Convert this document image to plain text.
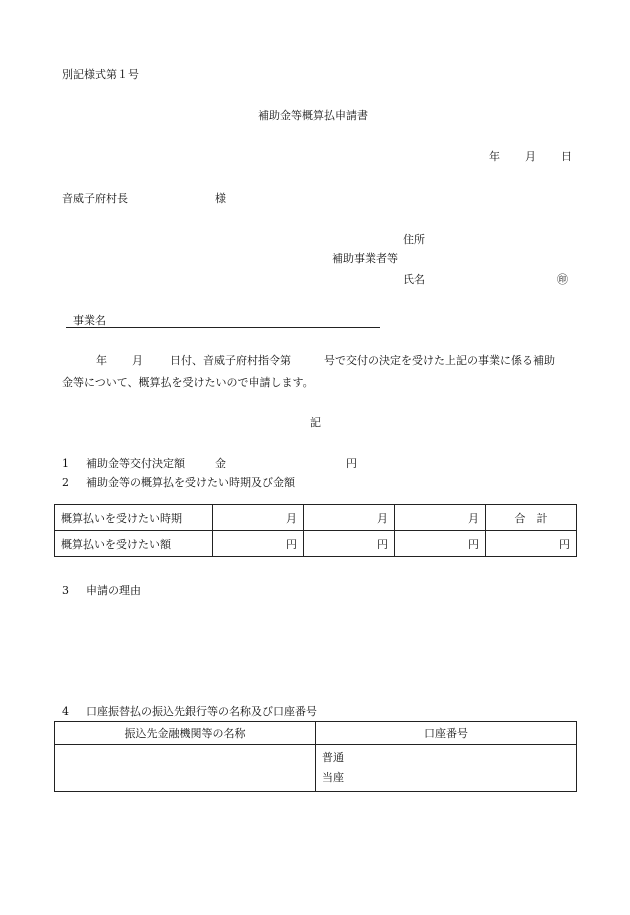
別記様式第１号
補助金等概算払申請書
年 月 日
音威子府村長	様
住所
補助事業者等
氏名	㊞
事業名
年 月 日付、音威子府村指令第	号で交付の決定を受けた上記の事業に係る補助
金等について、概算払を受けたいので申請します。
記
1 補助金等交付決定額	金	円
2 補助金等の概算払を受けたい時期及び金額
概算払いを受けたい時期	月	月	月	合　計
概算払いを受けたい額	円	円	円	円
3 申請の理由
4 口座振替払の振込先銀行等の名称及び口座番号
振込先金融機関等の名称	口座番号

	普通
当座
